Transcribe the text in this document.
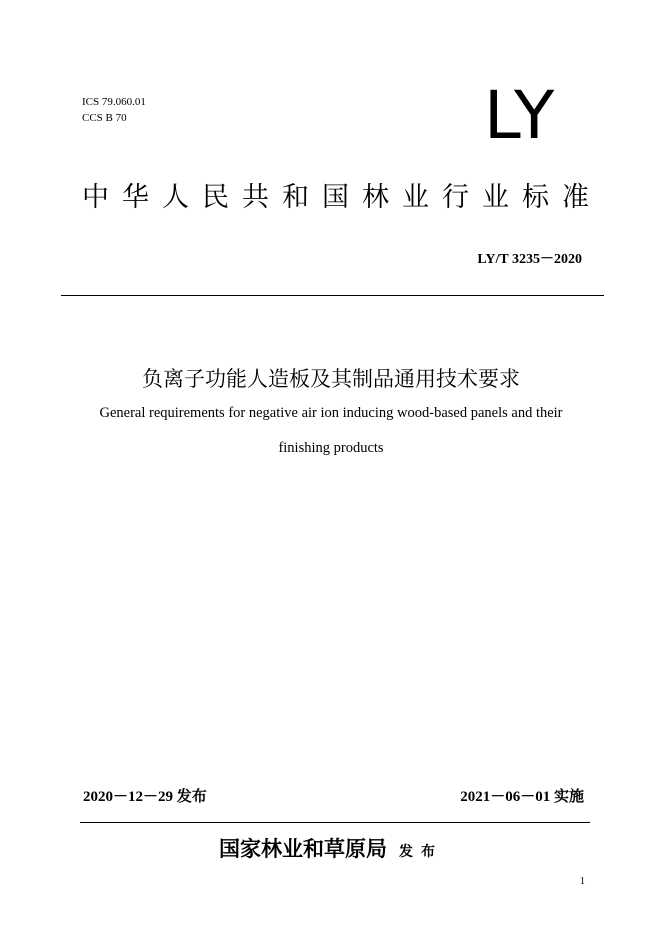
ICS 79.060.01
CCS B 70	LY
中华人民共和国林业行业标准
LY/T 3235－2020
负离子功能人造板及其制品通用技术要求
General requirements for negative air ion inducing wood-based panels and their
finishing products
2020－12－29 发布	2021－06－01 实施
国家林业和草原局 发布
1
